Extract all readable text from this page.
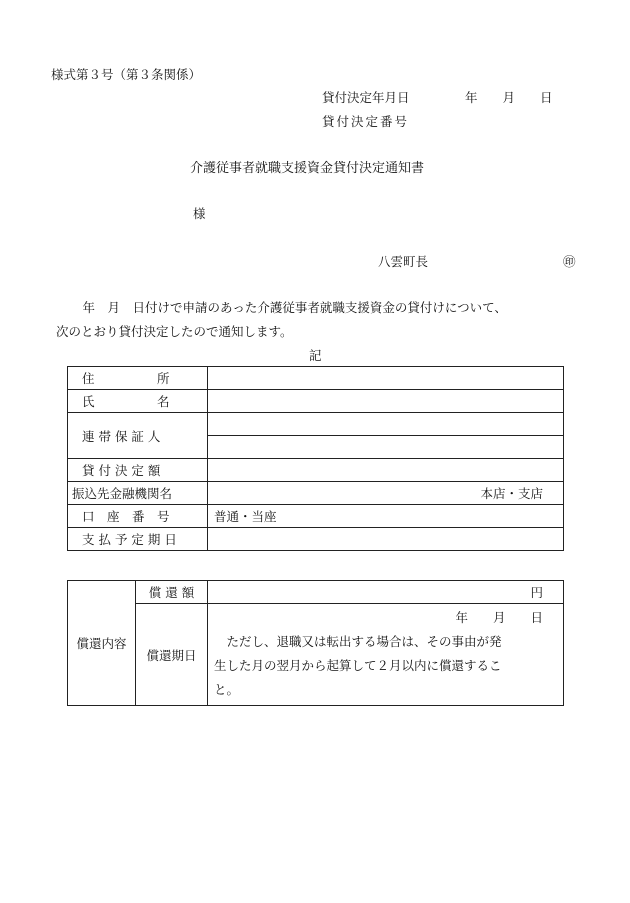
様式第３号（第３条関係）
貸付決定年月日	年　　月　　日
貸付決定番号
介護従事者就職支援資金貸付決定通知書
様
八雲町長	㊞
　年　月　日付けで申請のあった介護従事者就職支援資金の貸付けについて、
次のとおり貸付決定したので通知します。
記
住　　　　　所	
氏　　　　　名	
連 帯 保 証 人	

貸 付 決 定 額	
振込先金融機関名	本店・支店
口　座　番　号	普通・当座
支 払 予 定 期 日	
償還内容	償 還 額	円
	償還期日	年　　月　　日
　ただし、退職又は転出する場合は、その事由が発
生した月の翌月から起算して２月以内に償還するこ
と。
